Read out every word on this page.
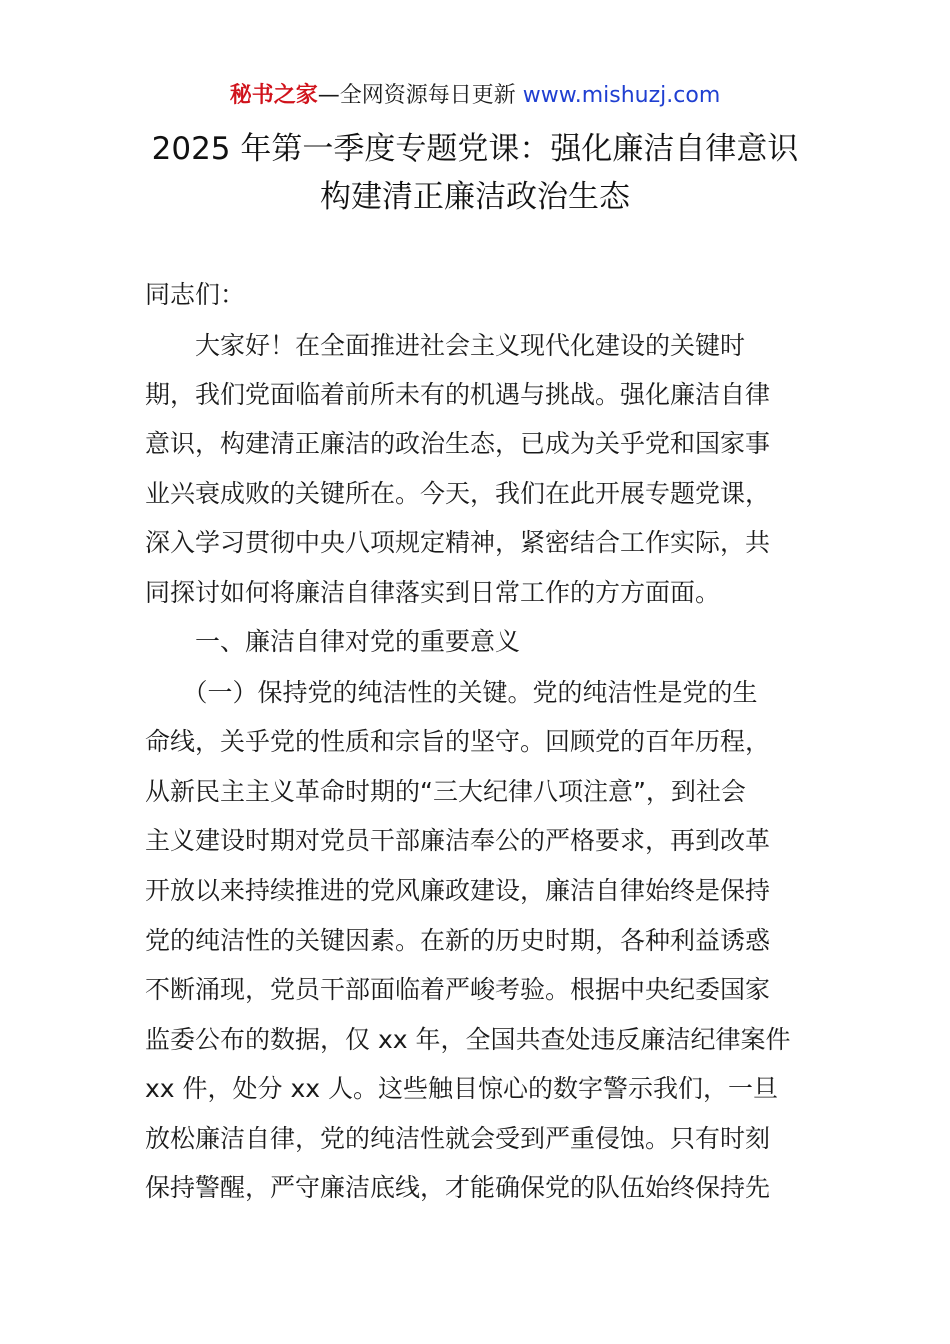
秘书之家—全网资源每日更新 www.mishuzj.com
2025 年第一季度专题党课：强化廉洁自律意识
构建清正廉洁政治生态
同志们：
　　大家好！在全面推进社会主义现代化建设的关键时
期，我们党面临着前所未有的机遇与挑战。强化廉洁自律
意识，构建清正廉洁的政治生态，已成为关乎党和国家事
业兴衰成败的关键所在。今天，我们在此开展专题党课，
深入学习贯彻中央八项规定精神，紧密结合工作实际，共
同探讨如何将廉洁自律落实到日常工作的方方面面。
　　一、廉洁自律对党的重要意义
　　（一）保持党的纯洁性的关键。党的纯洁性是党的生
命线，关乎党的性质和宗旨的坚守。回顾党的百年历程，
从新民主主义革命时期的“三大纪律八项注意”，到社会
主义建设时期对党员干部廉洁奉公的严格要求，再到改革
开放以来持续推进的党风廉政建设，廉洁自律始终是保持
党的纯洁性的关键因素。在新的历史时期，各种利益诱惑
不断涌现，党员干部面临着严峻考验。根据中央纪委国家
监委公布的数据，仅 xx 年，全国共查处违反廉洁纪律案件
xx 件，处分 xx 人。这些触目惊心的数字警示我们，一旦
放松廉洁自律，党的纯洁性就会受到严重侵蚀。只有时刻
保持警醒，严守廉洁底线，才能确保党的队伍始终保持先
